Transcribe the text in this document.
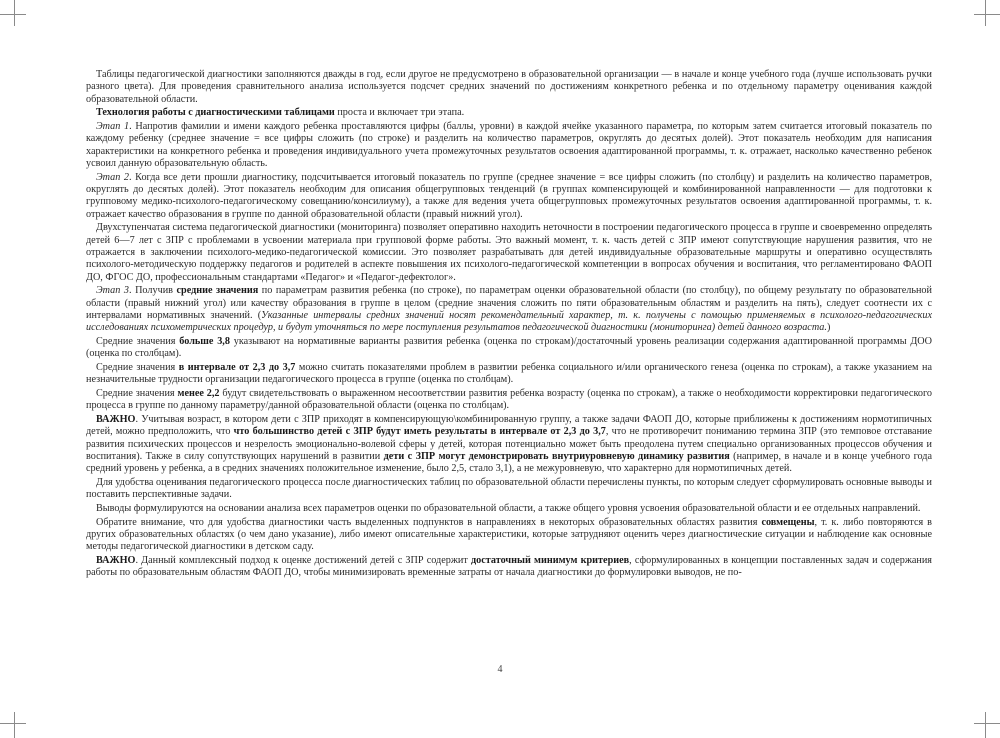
Таблицы педагогической диагностики заполняются дважды в год, если другое не предусмотрено в образовательной организации — в начале и конце учебного года (лучше использовать ручки разного цвета). Для проведения сравнительного анализа используется подсчет средних значений по достижениям конкретного ребенка и по отдельному параметру оценивания каждой образовательной области.

Технология работы с диагностическими таблицами проста и включает три этапа.

Этап 1. Напротив фамилии и имени каждого ребенка проставляются цифры (баллы, уровни) в каждой ячейке указанного параметра, по которым затем считается итоговый показатель по каждому ребенку (среднее значение = все цифры сложить (по строке) и разделить на количество параметров, округлять до десятых долей). Этот показатель необходим для написания характеристики на конкретного ребенка и проведения индивидуального учета промежуточных результатов освоения адаптированной программы, т. к. отражает, насколько качественно ребенок усвоил данную образовательную область.

Этап 2. Когда все дети прошли диагностику, подсчитывается итоговый показатель по группе (среднее значение = все цифры сложить (по столбцу) и разделить на количество параметров, округлять до десятых долей). Этот показатель необходим для описания общегрупповых тенденций (в группах компенсирующей и комбинированной направленности — для подготовки к групповому медико-психолого-педагогическому совещанию/консилиуму), а также для ведения учета общегрупповых промежуточных результатов освоения адаптированной программы, т. к. отражает качество образования в группе по данной образовательной области (правый нижний угол).

Двухступенчатая система педагогической диагностики (мониторинга) позволяет оперативно находить неточности в построении педагогического процесса в группе и своевременно определять детей 6—7 лет с ЗПР с проблемами в усвоении материала при групповой форме работы. Это важный момент, т. к. часть детей с ЗПР имеют сопутствующие нарушения развития, что не отражается в заключении психолого-медико-педагогической комиссии. Это позволяет разрабатывать для детей индивидуальные образовательные маршруты и оперативно осуществлять психолого-методическую поддержку педагогов и родителей в аспекте повышения их психолого-педагогической компетенции в вопросах обучения и воспитания, что регламентировано ФАОП ДО, ФГОС ДО, профессиональным стандартами «Педагог» и «Педагог-дефектолог».

Этап 3. Получив средние значения по параметрам развития ребенка (по строке), по параметрам оценки образовательной области (по столбцу), по общему результату по образовательной области (правый нижний угол) или качеству образования в группе в целом (средние значения сложить по пяти образовательным областям и разделить на пять), следует соотнести их с интервалами нормативных значений. (Указанные интервалы средних значений носят рекомендательный характер, т. к. получены с помощью применяемых в психолого-педагогических исследованиях психометрических процедур, и будут уточняться по мере поступления результатов педагогической диагностики (мониторинга) детей данного возраста.)

Средние значения больше 3,8 указывают на нормативные варианты развития ребенка (оценка по строкам)/достаточный уровень реализации содержания адаптированной программы ДОО (оценка по столбцам).

Средние значения в интервале от 2,3 до 3,7 можно считать показателями проблем в развитии ребенка социального и/или органического генеза (оценка по строкам), а также указанием на незначительные трудности организации педагогического процесса в группе (оценка по столбцам).

Средние значения менее 2,2 будут свидетельствовать о выраженном несоответствии развития ребенка возрасту (оценка по строкам), а также о необходимости корректировки педагогического процесса в группе по данному параметру/данной образовательной области (оценка по столбцам).

ВАЖНО. Учитывая возраст, в котором дети с ЗПР приходят в компенсирующую\комбинированную группу, а также задачи ФАОП ДО, которые приближены к достижениям нормотипичных детей, можно предположить, что что большинство детей с ЗПР будут иметь результаты в интервале от 2,3 до 3,7, что не противоречит пониманию термина ЗПР (это темповое отставание развития психических процессов и незрелость эмоционально-волевой сферы у детей, которая потенциально может быть преодолена путем специально организованных процессов обучения и воспитания). Также в силу сопутствующих нарушений в развитии дети с ЗПР могут демонстрировать внутриуровневую динамику развития (например, в начале и в конце учебного года средний уровень у ребенка, а в средних значениях положительное изменение, было 2,5, стало 3,1), а не межуровневую, что характерно для нормотипичных детей.

Для удобства оценивания педагогического процесса после диагностических таблиц по образовательной области перечислены пункты, по которым следует сформулировать основные выводы и поставить перспективные задачи.

Выводы формулируются на основании анализа всех параметров оценки по образовательной области, а также общего уровня усвоения образовательной области и ее отдельных направлений.

Обратите внимание, что для удобства диагностики часть выделенных подпунктов в направлениях в некоторых образовательных областях развития совмещены, т. к. либо повторяются в других образовательных областях (о чем дано указание), либо имеют описательные характеристики, которые затрудняют оценить через диагностические ситуации и наблюдение как основные методы педагогической диагностики в детском саду.

ВАЖНО. Данный комплексный подход к оценке достижений детей с ЗПР содержит достаточный минимум критериев, сформулированных в концепции поставленных задач и содержания работы по образовательным областям ФАОП ДО, чтобы минимизировать временные затраты от начала диагностики до формулировки выводов, не по-

4
